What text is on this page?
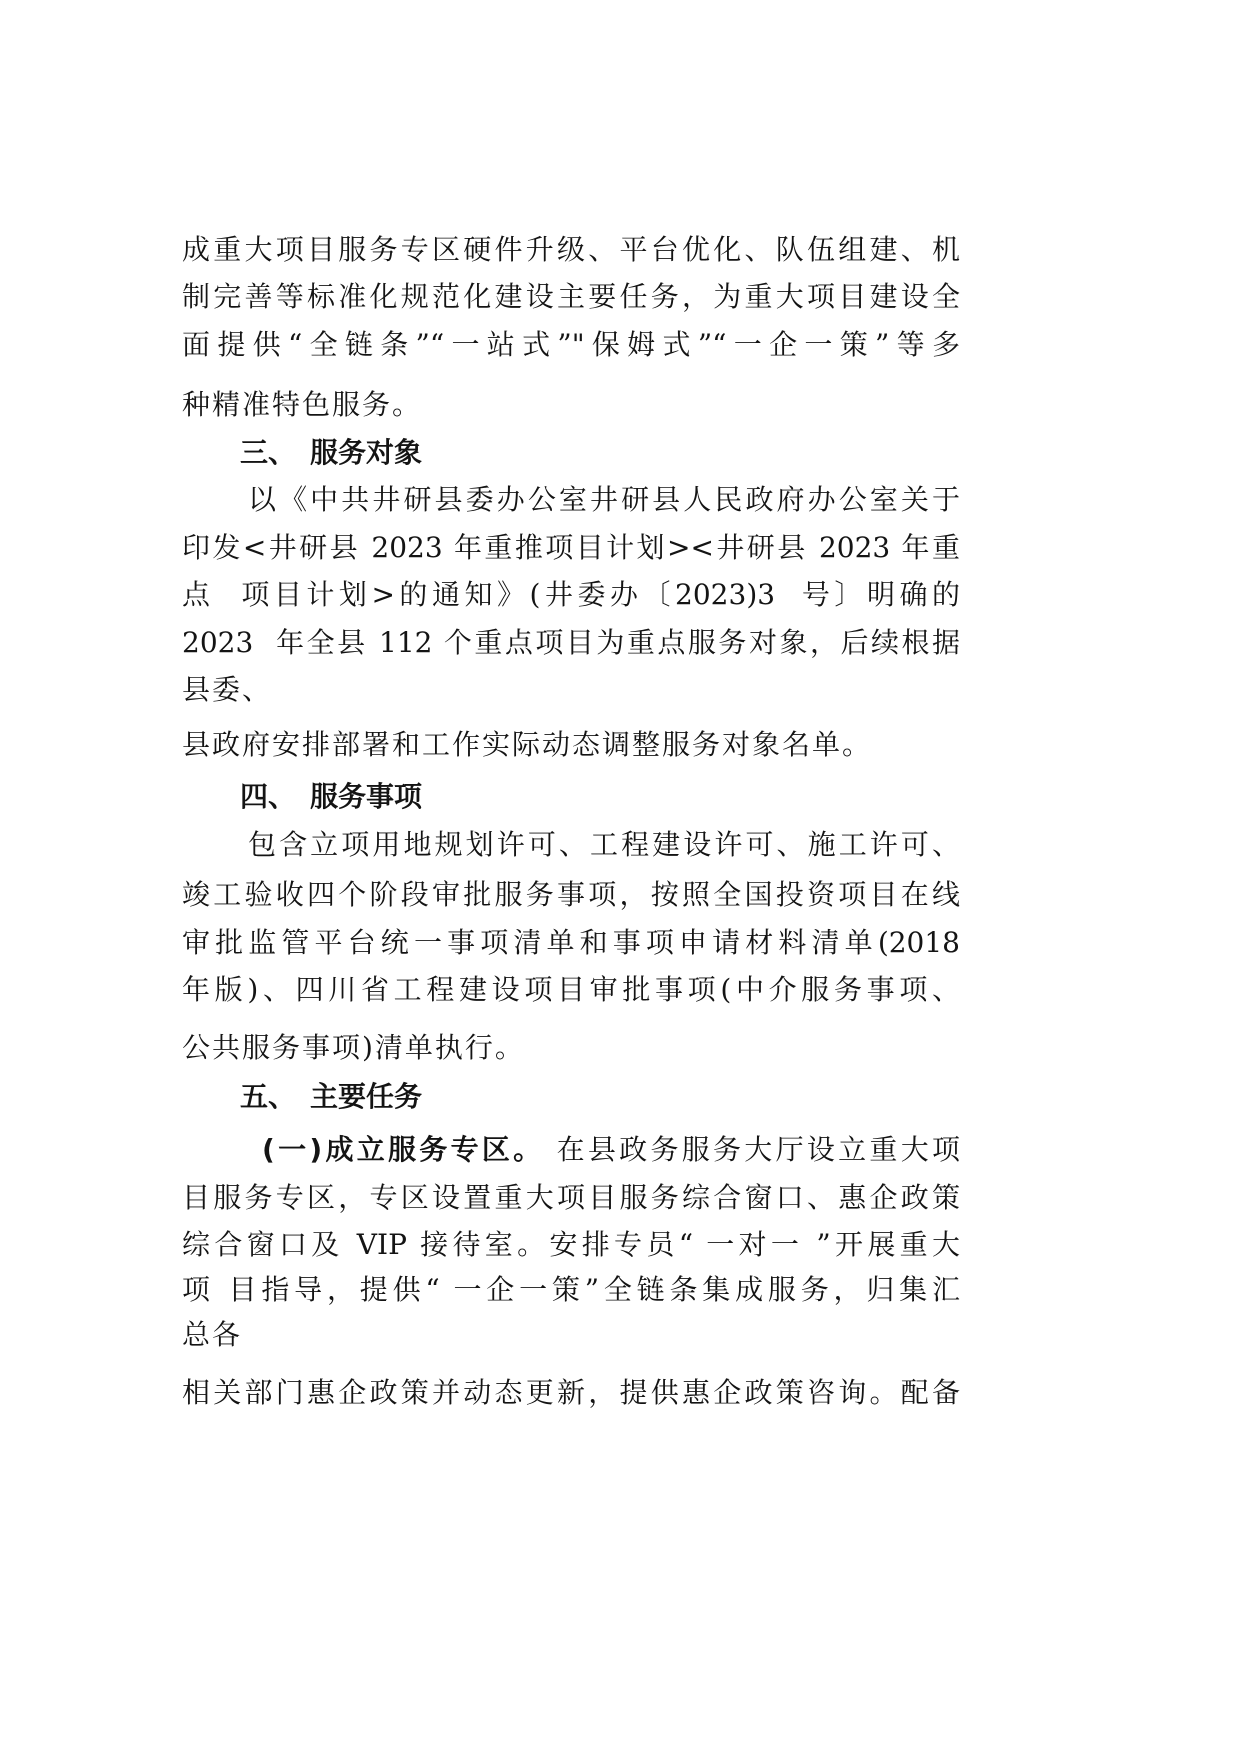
成重大项目服务专区硬件升级、平台优化、队伍组建、机
制完善等标准化规范化建设主要任务，为重大项目建设全
面提供“全链条”“一站式”"保姆式”“一企一策”等多
种精准特色服务。
三、 服务对象
以《中共井研县委办公室井研县人民政府办公室关于
印发<井研县 2023 年重推项目计划><井研县 2023 年重
点  项目计划>的通知》(井委办〔2023)3  号〕明确的
2023  年全县 112 个重点项目为重点服务对象，后续根据
县委、
县政府安排部署和工作实际动态调整服务对象名单。
四、 服务事项
包含立项用地规划许可、工程建设许可、施工许可、
竣工验收四个阶段审批服务事项，按照全国投资项目在线
审批监管平台统一事项清单和事项申请材料清单(2018
年版)、四川省工程建设项目审批事项(中介服务事项、
公共服务事项)清单执行。
五、 主要任务
(一)成立服务专区。 在县政务服务大厅设立重大项
目服务专区，专区设置重大项目服务综合窗口、惠企政策
综合窗口及 VIP 接待室。安排专员“ 一对一 ”开展重大
项 目指导，提供“ 一企一策”全链条集成服务，归集汇
总各
相关部门惠企政策并动态更新，提供惠企政策咨询。配备
